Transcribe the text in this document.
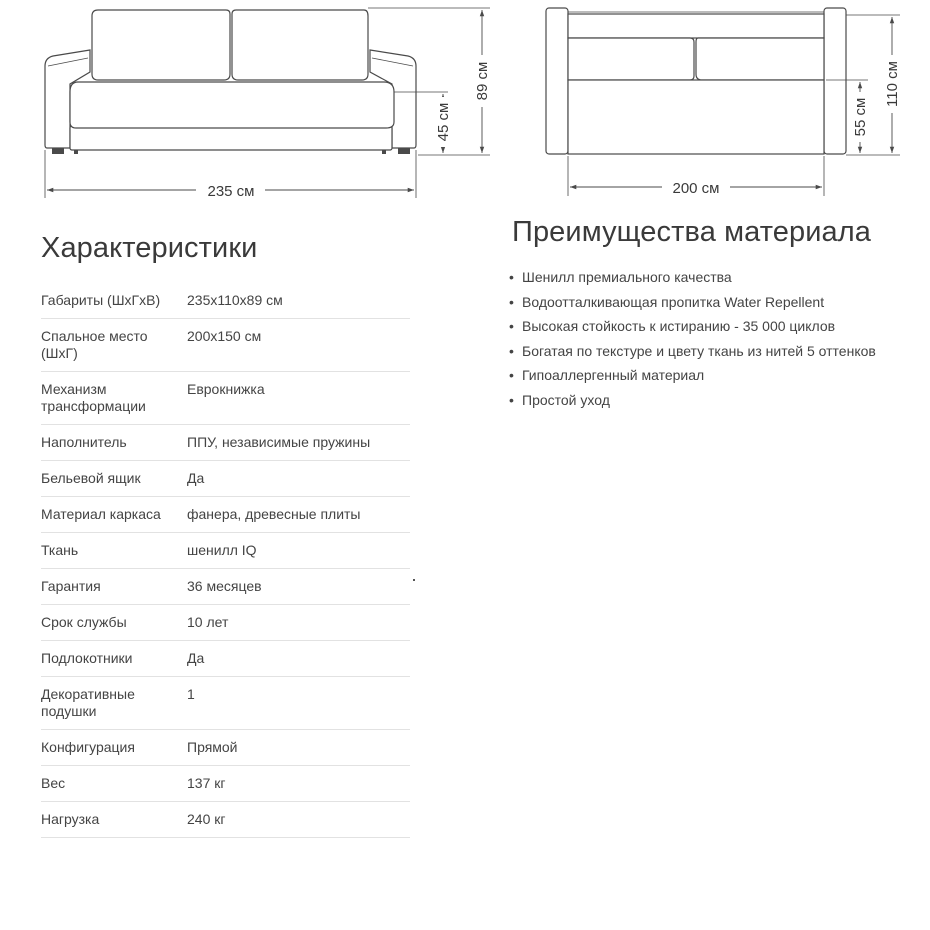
235 см
89 см
45 см
200 см
110 см
55 см
Характеристики
Габариты (ШхГхВ)	235х110х89 см
Спальное место (ШхГ)	200х150 см
Механизм трансформации	Еврокнижка
Наполнитель	ППУ, независимые пружины
Бельевой ящик	Да
Материал каркаса	фанера, древесные плиты
Ткань	шенилл IQ
Гарантия	36 месяцев
Срок службы	10 лет
Подлокотники	Да
Декоративные подушки	1
Конфигурация	Прямой
Вес	137 кг
Нагрузка	240 кг
Преимущества материала
• Шенилл премиального качества
• Водоотталкивающая пропитка Water Repellent
• Высокая стойкость к истиранию - 35 000 циклов
• Богатая по текстуре и цвету ткань из нитей 5 оттенков
• Гипоаллергенный материал
• Простой уход
